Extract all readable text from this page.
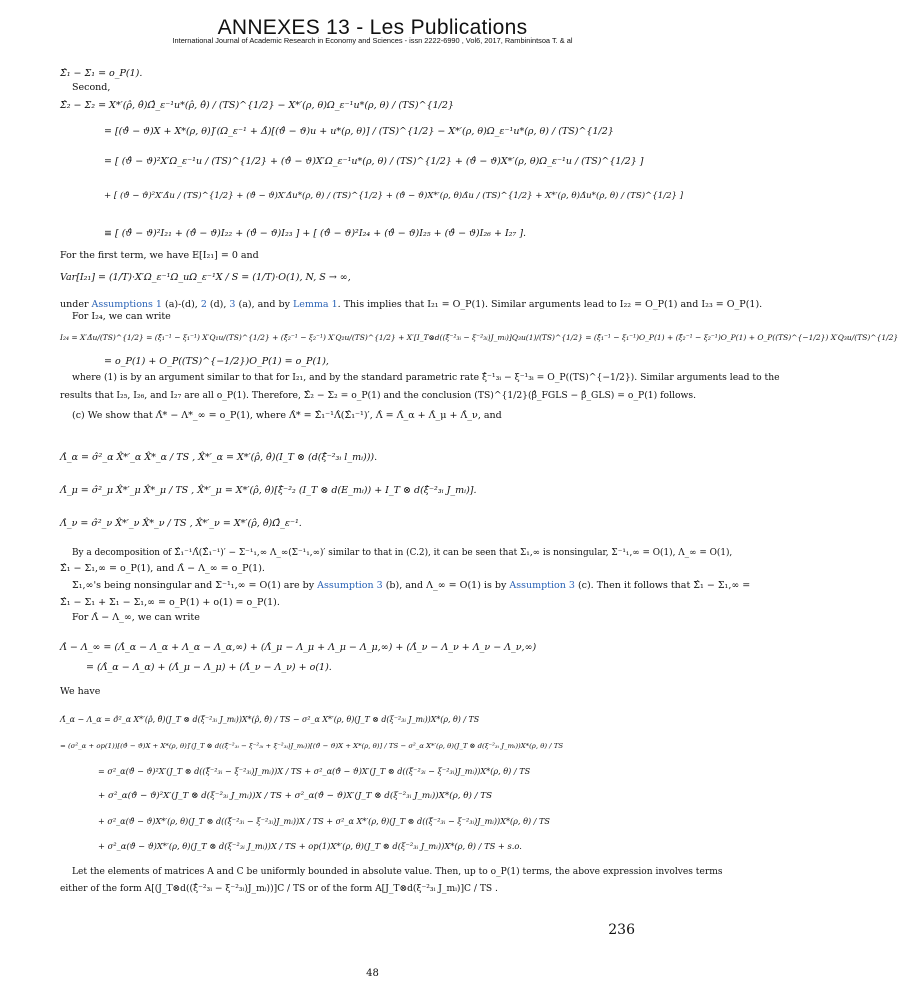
ANNEXES 13 - Les Publications
International Journal of Academic Research in Economy and Sciences - issn 2222-6990 , Vol6, 2017, Rambinintsoa T. & al
Σ̂₁ − Σ₁ = o_P(1).
Second,
Σ̂₂ − Σ₂ = X*′(ρ̂, θ̂)Ω̂_ε⁻¹u*(ρ̂, θ̂) / (TS)^{1/2} − X*′(ρ, θ)Ω_ε⁻¹u*(ρ, θ) / (TS)^{1/2}
= [(ϑ̂ − ϑ)X + X*(ρ, θ)]′(Ω_ε⁻¹ + Δ̂)[(ϑ̂ − ϑ)u + u*(ρ, θ)] / (TS)^{1/2} − X*′(ρ, θ)Ω_ε⁻¹u*(ρ, θ) / (TS)^{1/2}
= [ (ϑ̂ − ϑ)²X′Ω_ε⁻¹u / (TS)^{1/2} + (ϑ̂ − ϑ)X′Ω_ε⁻¹u*(ρ, θ) / (TS)^{1/2} + (ϑ̂ − ϑ)X*′(ρ, θ)Ω_ε⁻¹u / (TS)^{1/2} ]
+ [ (ϑ̂ − ϑ)²X′Δ̂u / (TS)^{1/2} + (ϑ̂ − ϑ)X′Δ̂u*(ρ, θ) / (TS)^{1/2} + (ϑ̂ − ϑ)X*′(ρ, θ)Δ̂u / (TS)^{1/2} + X*′(ρ, θ)Δ̂u*(ρ, θ) / (TS)^{1/2} ]
≡ [ (ϑ̂ − ϑ)²I₂₁ + (ϑ̂ − ϑ)I₂₂ + (ϑ̂ − ϑ)I₂₃ ] + [ (ϑ̂ − ϑ)²I₂₄ + (ϑ̂ − ϑ)I₂₅ + (ϑ̂ − ϑ)I₂₆ + I₂₇ ].
For the first term, we have E[I₂₁] = 0 and
Var[I₂₁] = (1/T)·X′Ω_ε⁻¹Ω_uΩ_ε⁻¹X / S = (1/T)·O(1), N, S → ∞,
under Assumptions 1 (a)-(d), 2 (d), 3 (a), and by Lemma 1. This implies that I₂₁ = O_P(1). Similar arguments lead to I₂₂ = O_P(1) and I₂₃ = O_P(1).
For I₂₄, we can write
I₂₄ = X′Δ̂u/(TS)^{1/2} = (ξ̂₁⁻¹ − ξ₁⁻¹) X′Q₁u/(TS)^{1/2} + (ξ̂₂⁻¹ − ξ₂⁻¹) X′Q₂u/(TS)^{1/2} + X′[I_T⊗d((ξ̂⁻²₃ᵢ − ξ⁻²₃ᵢ)J_mᵢ)]Q₃u(1)/(TS)^{1/2} = (ξ̂₁⁻¹ − ξ₁⁻¹)O_P(1) + (ξ̂₂⁻¹ − ξ₂⁻¹)O_P(1) + O_P((TS)^{−1/2}) X′Q₃u/(TS)^{1/2}
= o_P(1) + O_P((TS)^{−1/2})O_P(1) = o_P(1),
where (1) is by an argument similar to that for I₂₁, and by the standard parametric rate ξ̂⁻¹₃ᵢ − ξ⁻¹₃ᵢ = O_P((TS)^{−1/2}). Similar arguments lead to the
results that I₂₅, I₂₆, and I₂₇ are all o_P(1). Therefore, Σ̂₂ − Σ₂ = o_P(1) and the conclusion (TS)^{1/2}(β̂_FGLS − β̂_GLS) = o_P(1) follows.
(c) We show that Λ̂* − Λ*_∞ = o_P(1), where Λ̂* = Σ̂₁⁻¹Λ̂(Σ̂₁⁻¹)′, Λ̂ = Λ̂_α + Λ̂_μ + Λ̂_ν, and
Λ̂_α = σ̂²_α X̂*′_α X̂*_α / TS , X̂*′_α = X*′(ρ̂, θ̂)(I_T ⊗ (d(ξ̂⁻²₃ᵢ l_mᵢ))).
Λ̂_μ = σ̂²_μ X̂*′_μ X̂*_μ / TS , X̂*′_μ = X*′(ρ̂, θ̂)[ξ̂⁻²₂ (I_T ⊗ d(E_mᵢ)) + I_T ⊗ d(ξ̂⁻²₃ᵢ J_mᵢ)].
Λ̂_ν = σ̂²_ν X̂*′_ν X̂*_ν / TS , X̂*′_ν = X*′(ρ̂, θ̂)Ω̂_ε⁻¹.
By a decomposition of Σ̂₁⁻¹Λ̂(Σ̂₁⁻¹)′ − Σ⁻¹₁,∞ Λ_∞(Σ⁻¹₁,∞)′ similar to that in (C.2), it can be seen that Σ₁,∞ is nonsingular, Σ⁻¹₁,∞ = O(1), Λ_∞ = O(1),
Σ̂₁ − Σ₁,∞ = o_P(1), and Λ̂ − Λ_∞ = o_P(1).
Σ₁,∞'s being nonsingular and Σ⁻¹₁,∞ = O(1) are by Assumption 3 (b), and Λ_∞ = O(1) is by Assumption 3 (c). Then it follows that Σ̂₁ − Σ₁,∞ =
Σ̂₁ − Σ₁ + Σ₁ − Σ₁,∞ = o_P(1) + o(1) = o_P(1).
For Λ̂ − Λ_∞, we can write
Λ̂ − Λ_∞ = (Λ̂_α − Λ_α + Λ_α − Λ_α,∞) + (Λ̂_μ − Λ_μ + Λ_μ − Λ_μ,∞) + (Λ̂_ν − Λ_ν + Λ_ν − Λ_ν,∞)
= (Λ̂_α − Λ_α) + (Λ̂_μ − Λ_μ) + (Λ̂_ν − Λ_ν) + o(1).
We have
Λ̂_α − Λ_α = σ̂²_α X*′(ρ̂, θ̂)(J_T ⊗ d(ξ̂⁻²₃ᵢ J_mᵢ))X*(ρ̂, θ̂) / TS − σ²_α X*′(ρ, θ)(J_T ⊗ d(ξ⁻²₃ᵢ J_mᵢ))X*(ρ, θ) / TS
= (σ²_α + op(1))[(ϑ̂ − ϑ)X + X*(ρ, θ)]′(J_T ⊗ d((ξ̂⁻²₃ᵢ − ξ⁻²₃ᵢ + ξ⁻²₃ᵢ)J_mᵢ))[(ϑ̂ − ϑ)X + X*(ρ, θ)] / TS − σ²_α X*′(ρ, θ)(J_T ⊗ d(ξ⁻²₃ᵢ J_mᵢ))X*(ρ, θ) / TS
= σ²_α(ϑ̂ − ϑ)²X′(J_T ⊗ d((ξ̂⁻²₃ᵢ − ξ⁻²₃ᵢ)J_mᵢ))X / TS + σ²_α(ϑ̂ − ϑ)X′(J_T ⊗ d((ξ̂⁻²₃ᵢ − ξ⁻²₃ᵢ)J_mᵢ))X*(ρ, θ) / TS
+ σ²_α(ϑ̂ − ϑ)²X′(J_T ⊗ d(ξ⁻²₃ᵢ J_mᵢ))X / TS + σ²_α(ϑ̂ − ϑ)X′(J_T ⊗ d(ξ⁻²₃ᵢ J_mᵢ))X*(ρ, θ) / TS
+ σ²_α(ϑ̂ − ϑ)X*′(ρ, θ)(J_T ⊗ d((ξ̂⁻²₃ᵢ − ξ⁻²₃ᵢ)J_mᵢ))X / TS + σ²_α X*′(ρ, θ)(J_T ⊗ d((ξ̂⁻²₃ᵢ − ξ⁻²₃ᵢ)J_mᵢ))X*(ρ, θ) / TS
+ σ²_α(ϑ̂ − ϑ)X*′(ρ, θ)(J_T ⊗ d(ξ⁻²₃ᵢ J_mᵢ))X / TS + op(1)X*′(ρ, θ)(J_T ⊗ d(ξ⁻²₃ᵢ J_mᵢ))X*(ρ, θ) / TS + s.o.
Let the elements of matrices A and C be uniformly bounded in absolute value. Then, up to o_P(1) terms, the above expression involves terms
either of the form A[(J_T⊗d((ξ̂⁻²₃ᵢ − ξ⁻²₃ᵢ)J_mᵢ))]C / TS or of the form A[J_T⊗d(ξ⁻²₃ᵢ J_mᵢ)]C / TS .
236
48
